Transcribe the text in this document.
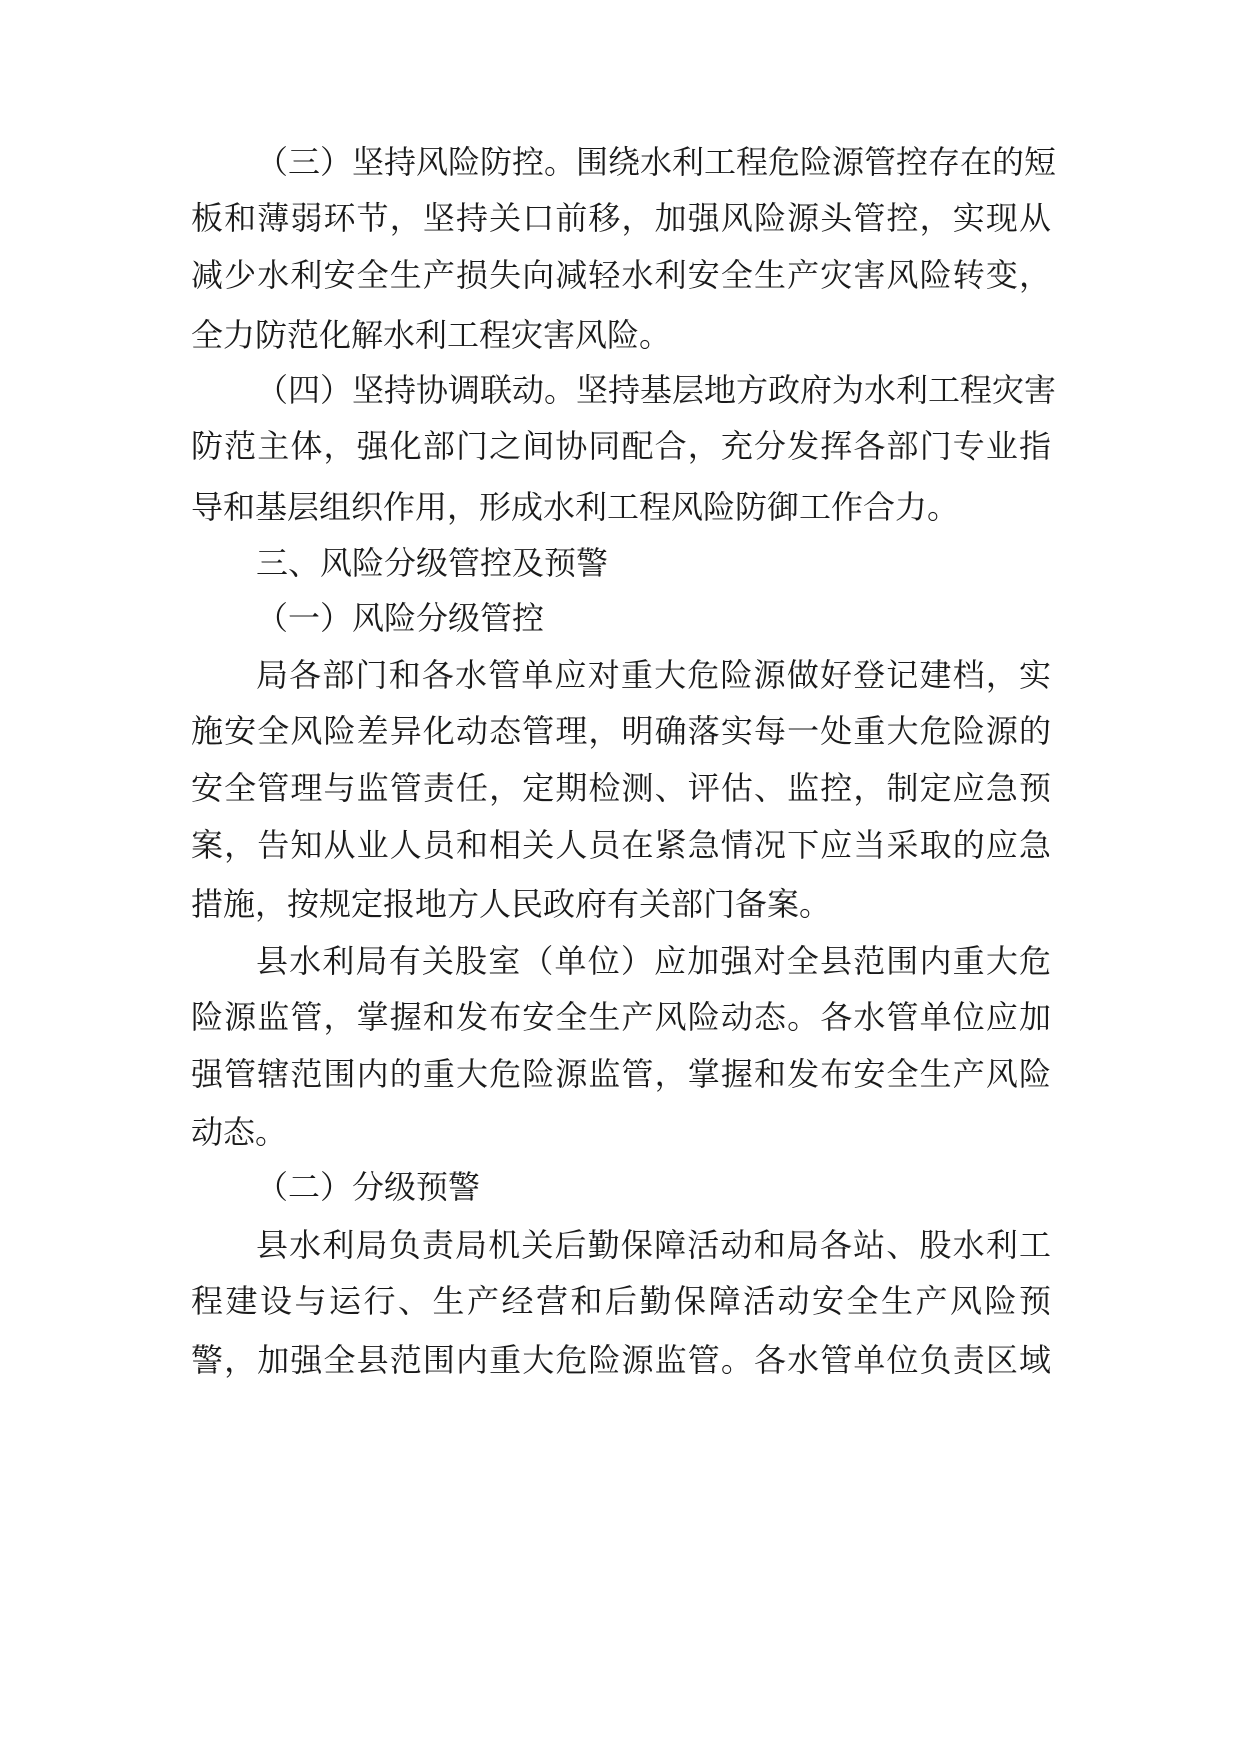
（三）坚持风险防控。围绕水利工程危险源管控存在的短
板和薄弱环节，坚持关口前移，加强风险源头管控，实现从
减少水利安全生产损失向减轻水利安全生产灾害风险转变，
全力防范化解水利工程灾害风险。
（四）坚持协调联动。坚持基层地方政府为水利工程灾害
防范主体，强化部门之间协同配合，充分发挥各部门专业指
导和基层组织作用，形成水利工程风险防御工作合力。
三、风险分级管控及预警
（一）风险分级管控
局各部门和各水管单应对重大危险源做好登记建档，实
施安全风险差异化动态管理，明确落实每一处重大危险源的
安全管理与监管责任，定期检测、评估、监控，制定应急预
案，告知从业人员和相关人员在紧急情况下应当采取的应急
措施，按规定报地方人民政府有关部门备案。
县水利局有关股室（单位）应加强对全县范围内重大危
险源监管，掌握和发布安全生产风险动态。各水管单位应加
强管辖范围内的重大危险源监管，掌握和发布安全生产风险
动态。
（二）分级预警
县水利局负责局机关后勤保障活动和局各站、股水利工
程建设与运行、生产经营和后勤保障活动安全生产风险预
警，加强全县范围内重大危险源监管。各水管单位负责区域
